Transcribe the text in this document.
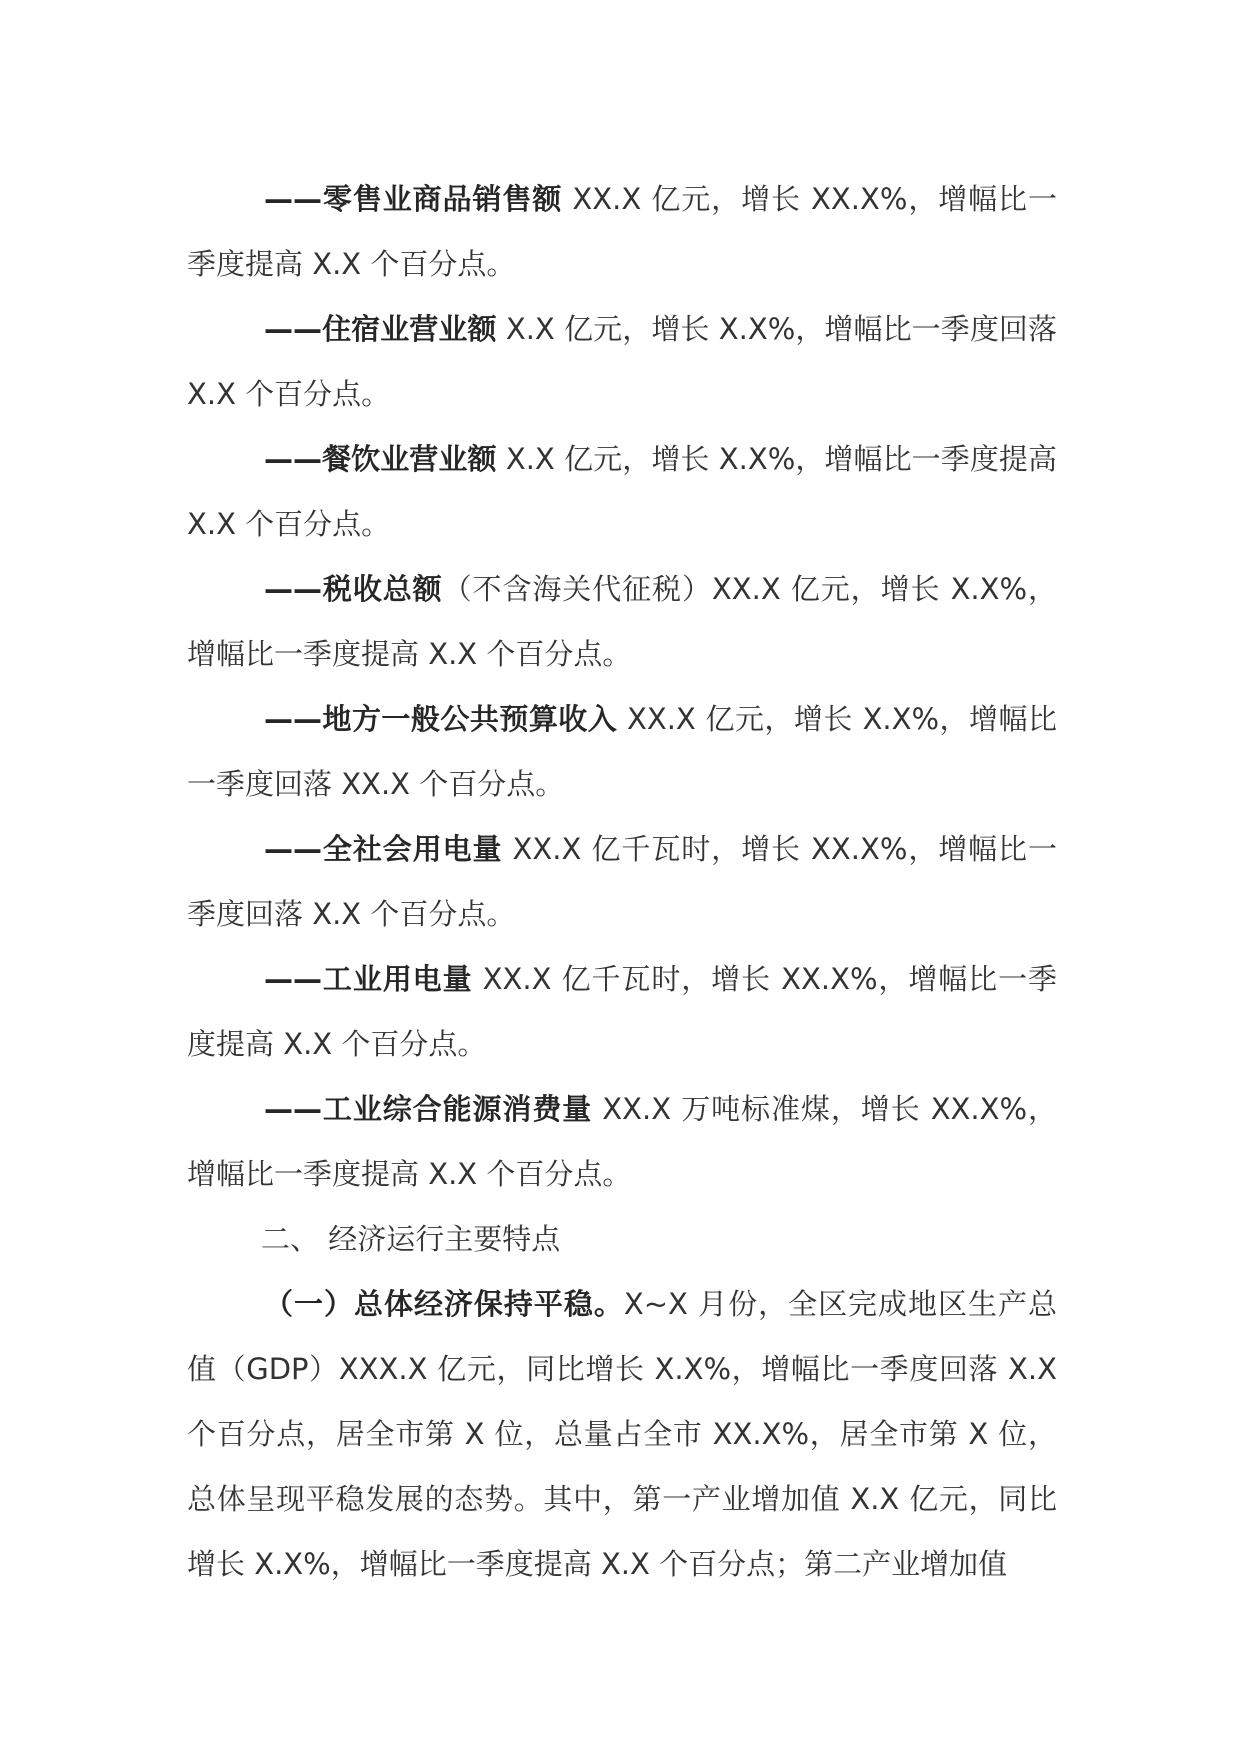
——零售业商品销售额 XX.X 亿元，增长 XX.X%，增幅比一季度提高 X.X 个百分点。

——住宿业营业额 X.X 亿元，增长 X.X%，增幅比一季度回落 X.X 个百分点。

——餐饮业营业额 X.X 亿元，增长 X.X%，增幅比一季度提高 X.X 个百分点。

——税收总额（不含海关代征税）XX.X 亿元，增长 X.X%，增幅比一季度提高 X.X 个百分点。

——地方一般公共预算收入 XX.X 亿元，增长 X.X%，增幅比一季度回落 XX.X 个百分点。

——全社会用电量 XX.X 亿千瓦时，增长 XX.X%，增幅比一季度回落 X.X 个百分点。

——工业用电量 XX.X 亿千瓦时，增长 XX.X%，增幅比一季度提高 X.X 个百分点。

——工业综合能源消费量 XX.X 万吨标准煤，增长 XX.X%，增幅比一季度提高 X.X 个百分点。

二、 经济运行主要特点

（一）总体经济保持平稳。X~X 月份，全区完成地区生产总值（GDP）XXX.X 亿元，同比增长 X.X%，增幅比一季度回落 X.X 个百分点，居全市第 X 位，总量占全市 XX.X%，居全市第 X 位，总体呈现平稳发展的态势。其中，第一产业增加值 X.X 亿元，同比增长 X.X%，增幅比一季度提高 X.X 个百分点；第二产业增加值
